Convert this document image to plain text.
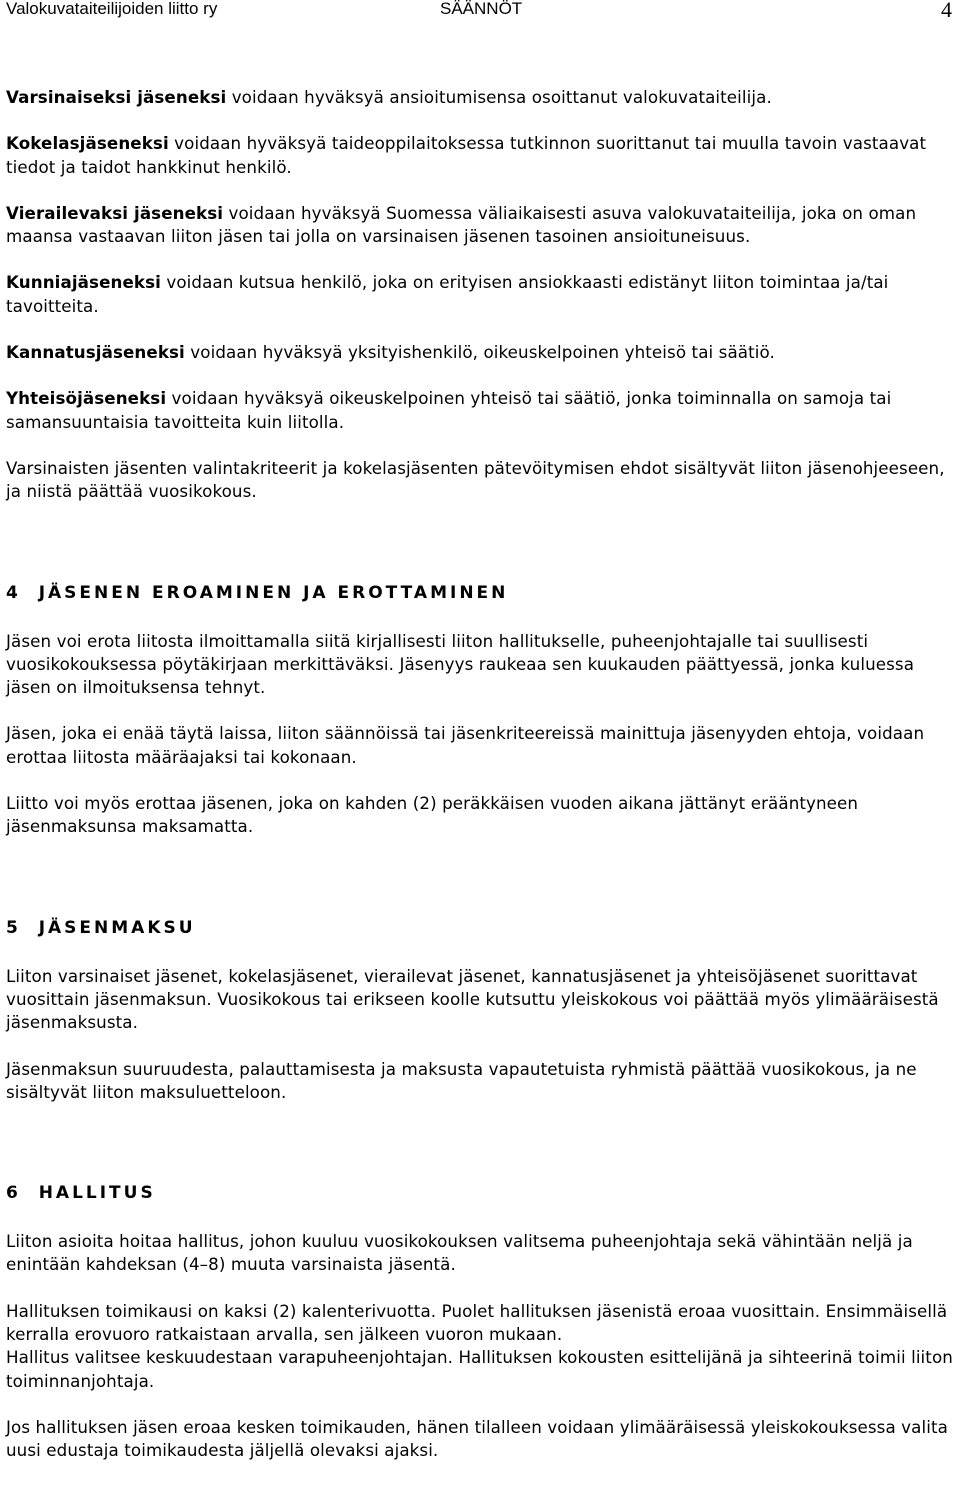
Valokuvataiteilijoiden liitto ry	SÄÄNNÖT	4

Varsinaiseksi jäseneksi voidaan hyväksyä ansioitumisensa osoittanut valokuvataiteilija.

Kokelasjäseneksi voidaan hyväksyä taideoppilaitoksessa tutkinnon suorittanut tai muulla tavoin vastaavat tiedot ja taidot hankkinut henkilö.

Vierailevaksi jäseneksi voidaan hyväksyä Suomessa väliaikaisesti asuva valokuvataiteilija, joka on oman maansa vastaavan liiton jäsen tai jolla on varsinaisen jäsenen tasoinen ansioituneisuus.

Kunniajäseneksi voidaan kutsua henkilö, joka on erityisen ansiokkaasti edistänyt liiton toimintaa ja/tai tavoitteita.

Kannatusjäseneksi voidaan hyväksyä yksityishenkilö, oikeuskelpoinen yhteisö tai säätiö.

Yhteisöjäseneksi voidaan hyväksyä oikeuskelpoinen yhteisö tai säätiö, jonka toiminnalla on samoja tai samansuuntaisia tavoitteita kuin liitolla.

Varsinaisten jäsenten valintakriteerit ja kokelasjäsenten pätevöitymisen ehdot sisältyvät liiton jäsenohjeeseen, ja niistä päättää vuosikokous.

4 JÄSENEN EROAMINEN JA EROTTAMINEN

Jäsen voi erota liitosta ilmoittamalla siitä kirjallisesti liiton hallitukselle, puheenjohtajalle tai suullisesti vuosikokouksessa pöytäkirjaan merkittäväksi. Jäsenyys raukeaa sen kuukauden päättyessä, jonka kuluessa jäsen on ilmoituksensa tehnyt.

Jäsen, joka ei enää täytä laissa, liiton säännöissä tai jäsenkriteereissä mainittuja jäsenyyden ehtoja, voidaan erottaa liitosta määräajaksi tai kokonaan.

Liitto voi myös erottaa jäsenen, joka on kahden (2) peräkkäisen vuoden aikana jättänyt erääntyneen jäsenmaksunsa maksamatta.

5 JÄSENMAKSU

Liiton varsinaiset jäsenet, kokelasjäsenet, vierailevat jäsenet, kannatusjäsenet ja yhteisöjäsenet suorittavat vuosittain jäsenmaksun. Vuosikokous tai erikseen koolle kutsuttu yleiskokous voi päättää myös ylimääräisestä jäsenmaksusta.

Jäsenmaksun suuruudesta, palauttamisesta ja maksusta vapautetuista ryhmistä päättää vuosikokous, ja ne sisältyvät liiton maksuluetteloon.

6 HALLITUS

Liiton asioita hoitaa hallitus, johon kuuluu vuosikokouksen valitsema puheenjohtaja sekä vähintään neljä ja enintään kahdeksan (4–8) muuta varsinaista jäsentä.

Hallituksen toimikausi on kaksi (2) kalenterivuotta. Puolet hallituksen jäsenistä eroaa vuosittain. Ensimmäisellä kerralla erovuoro ratkaistaan arvalla, sen jälkeen vuoron mukaan.
Hallitus valitsee keskuudestaan varapuheenjohtajan. Hallituksen kokousten esittelijänä ja sihteerinä toimii liiton toiminnanjohtaja.

Jos hallituksen jäsen eroaa kesken toimikauden, hänen tilalleen voidaan ylimääräisessä yleiskokouksessa valita uusi edustaja toimikaudesta jäljellä olevaksi ajaksi.
